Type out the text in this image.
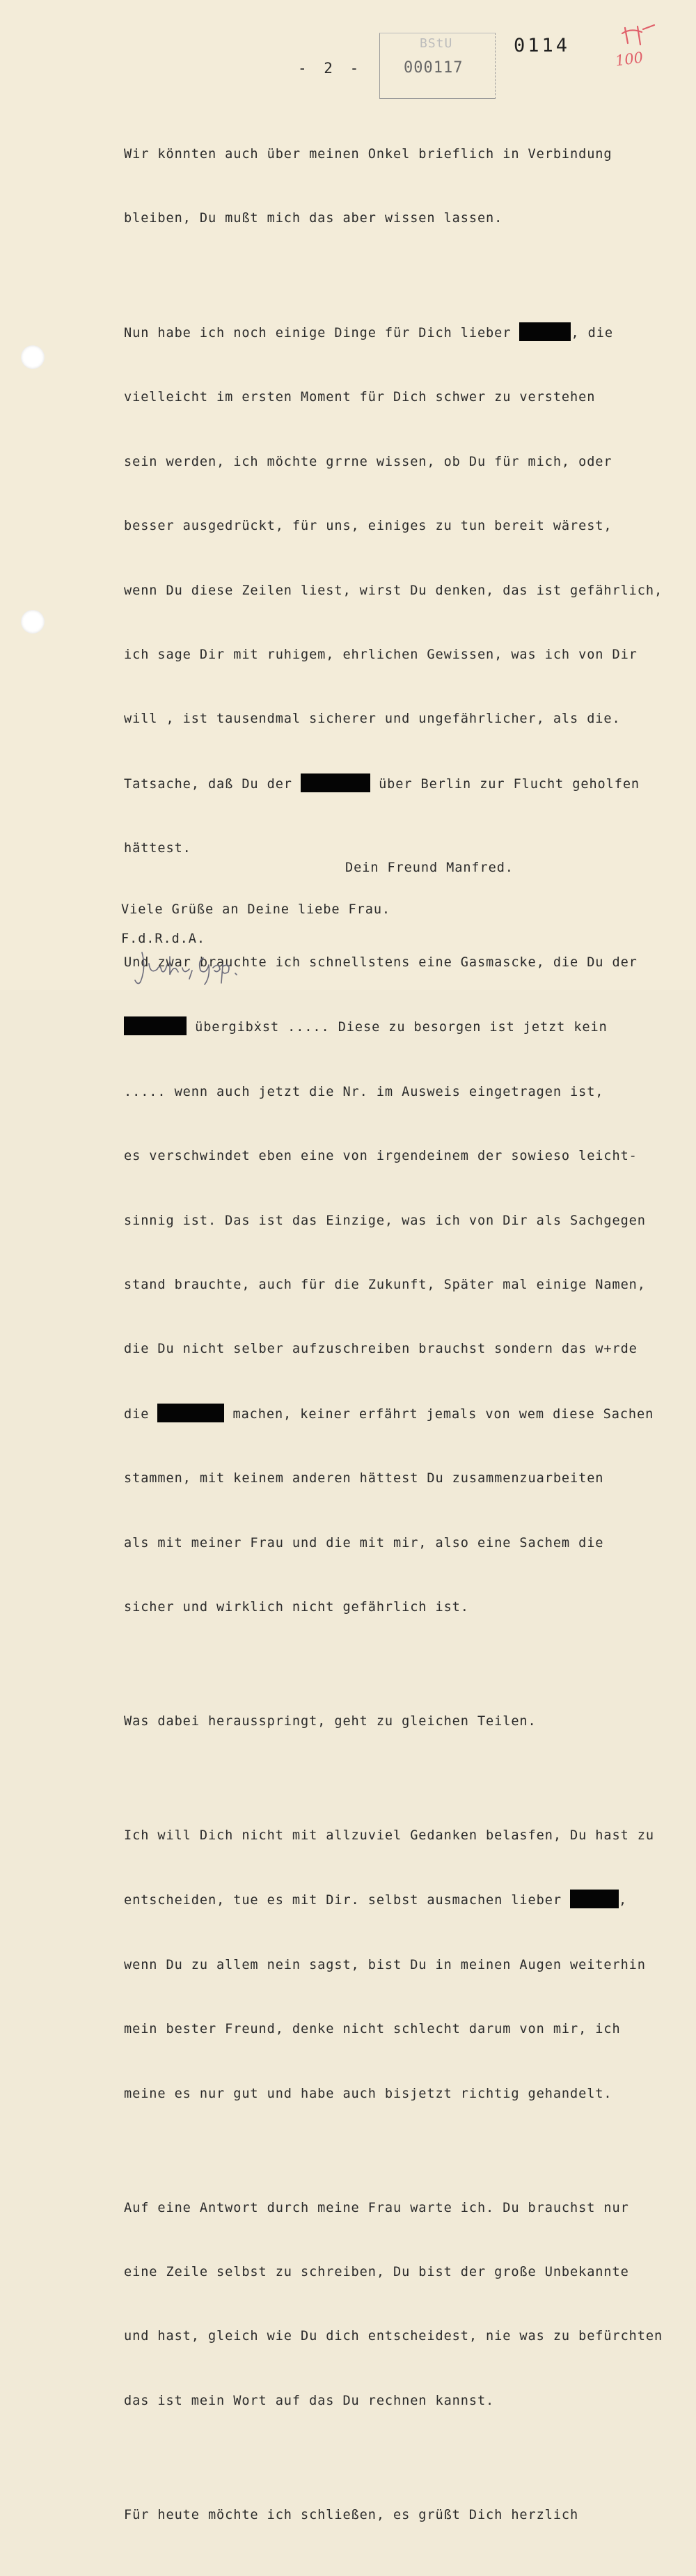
- 2 -
BStU
000117
0114
100

Wir könnten auch über meinen Onkel brieflich in Verbindung

bleiben, Du mußt mich das aber wissen lassen.

Nun habe ich noch einige Dinge für Dich lieber	, die

vielleicht im ersten Moment für Dich schwer zu verstehen

sein werden, ich möchte grrne wissen, ob Du für mich, oder

besser ausgedrückt, für uns, einiges zu tun bereit wärest,

wenn Du diese Zeilen liest, wirst Du denken, das ist gefährlich,

ich sage Dir mit ruhigem, ehrlichen Gewissen, was ich von Dir

will , ist tausendmal sicherer und ungefährlicher, als die.

Tatsache, daß Du der	über Berlin zur Flucht geholfen

hättest.

Und zwar brauchte ich schnellstens eine Gasmascke, die Du der

übergibẋst ..... Diese zu besorgen ist jetzt kein

..... wenn auch jetzt die Nr. im Ausweis eingetragen ist,

es verschwindet eben eine von irgendeinem der sowieso leicht-

sinnig ist. Das ist das Einzige, was ich von Dir als Sachgegen

stand brauchte, auch für die Zukunft, Später mal einige Namen,

die Du nicht selber aufzuschreiben brauchst sondern das w+rde

die	machen, keiner erfährt jemals von wem diese Sachen

stammen, mit keinem anderen hättest Du zusammenzuarbeiten

als mit meiner Frau und die mit mir, also eine Sachem die

sicher und wirklich nicht gefährlich ist.

Was dabei herausspringt, geht zu gleichen Teilen.

Ich will Dich nicht mit allzuviel Gedanken belasfen, Du hast zu

entscheiden, tue es mit Dir. selbst ausmachen lieber	,

wenn Du zu allem nein sagst, bist Du in meinen Augen weiterhin

mein bester Freund, denke nicht schlecht darum von mir, ich

meine es nur gut und habe auch bisjetzt richtig gehandelt.

Auf eine Antwort durch meine Frau warte ich. Du brauchst nur

eine Zeile selbst zu schreiben, Du bist der große Unbekannte

und hast, gleich wie Du dich entscheidest, nie was zu befürchten

das ist mein Wort auf das Du rechnen kannst.

Für heute möchte ich schließen, es grüßt Dich herzlich

Dein Freund Manfred.
Viele Grüße an Deine liebe Frau.
F.d.R.d.A.
